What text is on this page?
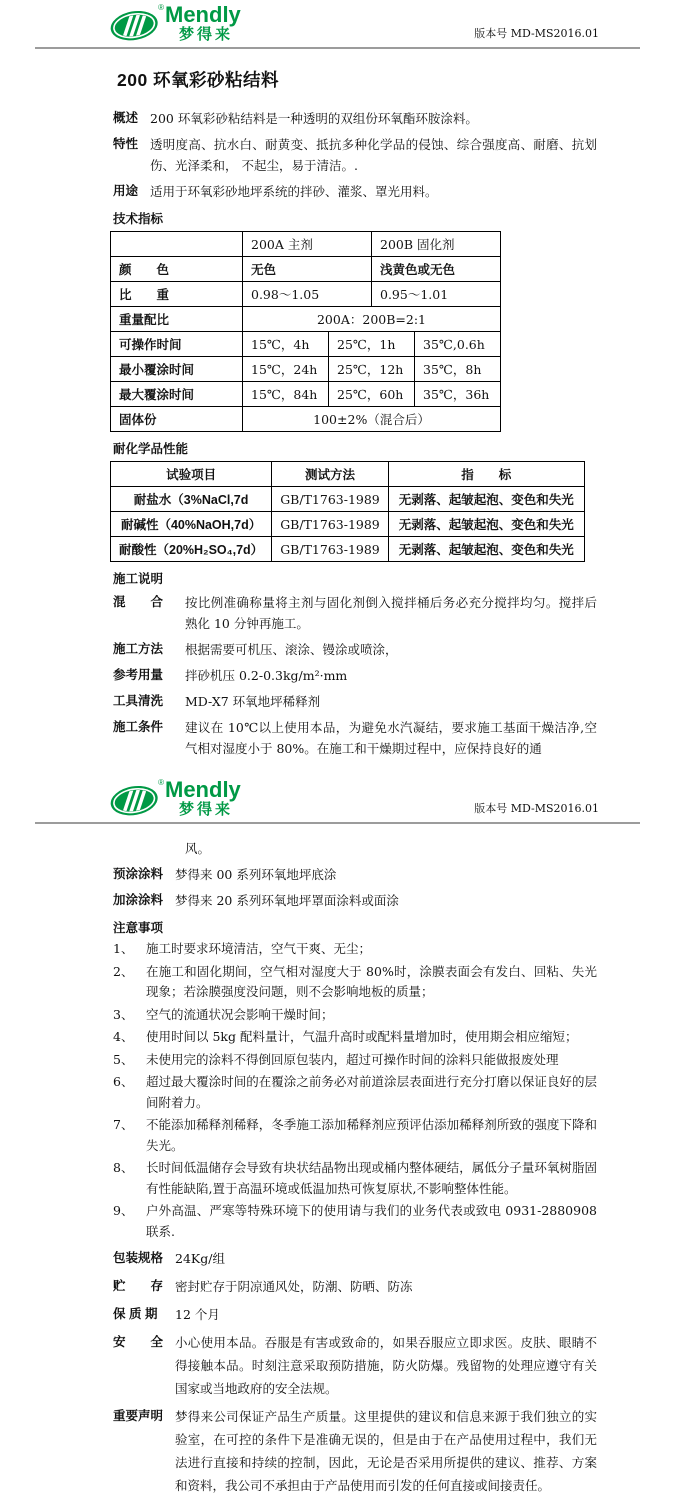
® Mendly
梦得来	版本号 MD-MS2016.01
200 环氧彩砂粘结料
概述 200 环氧彩砂粘结料是一种透明的双组份环氧酯环胺涂料。
特性 透明度高、抗水白、耐黄变、抵抗多种化学品的侵蚀、综合强度高、耐磨、抗划伤、光泽柔和， 不起尘，易于清洁。.
用途 适用于环氧彩砂地坪系统的拌砂、灌浆、罩光用料。
技术指标
	200A 主剂		200B 固化剂	
颜　　色	无色		浅黄色或无色	
比　　重	0.98～1.05		0.95～1.01	
重量配比	200A：200B=2:1			
可操作时间	15℃，4h	25℃，1h		35℃,0.6h
最小覆涂时间	15℃，24h	25℃，12h		35℃，8h
最大覆涂时间	15℃，84h	25℃，60h		35℃，36h
固体份	100±2%（混合后）			
耐化学品性能
试验项目	测试方法	指　　标
耐盐水（3%NaCl,7d	GB/T1763-1989	无剥落、起皱起泡、变色和失光
耐碱性（40%NaOH,7d）	GB/T1763-1989	无剥落、起皱起泡、变色和失光
耐酸性（20%H₂SO₄,7d）	GB/T1763-1989	无剥落、起皱起泡、变色和失光
施工说明
混　　合	按比例准确称量将主剂与固化剂倒入搅拌桶后务必充分搅拌均匀。搅拌后熟化 10 分钟再施工。
施工方法	根据需要可机压、滚涂、镘涂或喷涂，
参考用量	拌砂机压 0.2-0.3kg/m²·mm
工具清洗	MD-X7 环氧地坪稀释剂
施工条件	建议在 10℃以上使用本品，为避免水汽凝结，要求施工基面干燥洁净,空气相对湿度小于 80%。在施工和干燥期过程中，应保持良好的通
® Mendly
梦得来	版本号 MD-MS2016.01
风。
预涂涂料 梦得来 00 系列环氧地坪底涂
加涂涂料 梦得来 20 系列环氧地坪罩面涂料或面涂
注意事项
1、	施工时要求环境清洁，空气干爽、无尘；
2、	在施工和固化期间，空气相对湿度大于 80%时，涂膜表面会有发白、回粘、失光现象；若涂膜强度没问题，则不会影响地板的质量；
3、	空气的流通状况会影响干燥时间；
4、	使用时间以 5kg 配料量计，气温升高时或配料量增加时，使用期会相应缩短；
5、	未使用完的涂料不得倒回原包装内，超过可操作时间的涂料只能做报废处理
6、	超过最大覆涂时间的在覆涂之前务必对前道涂层表面进行充分打磨以保证良好的层间附着力。
7、	不能添加稀释剂稀释，冬季施工添加稀释剂应预评估添加稀释剂所致的强度下降和失光。
8、	长时间低温储存会导致有块状结晶物出现或桶内整体硬结，属低分子量环氧树脂固有性能缺陷,置于高温环境或低温加热可恢复原状,不影响整体性能。
9、	户外高温、严寒等特殊环境下的使用请与我们的业务代表或致电 0931-2880908 联系.
包装规格 24Kg/组
贮　　存 密封贮存于阴凉通风处，防潮、防晒、防冻
保 质 期	12 个月
安　　全 小心使用本品。吞服是有害或致命的，如果吞服应立即求医。皮肤、眼睛不得接触本品。时刻注意采取预防措施，防火防爆。残留物的处理应遵守有关国家或当地政府的安全法规。
重要声明 梦得来公司保证产品生产质量。这里提供的建议和信息来源于我们独立的实验室，在可控的条件下是准确无误的，但是由于在产品使用过程中，我们无法进行直接和持续的控制，因此，无论是否采用所提供的建议、推荐、方案和资料，我公司不承担由于产品使用而引发的任何直接或间接责任。
